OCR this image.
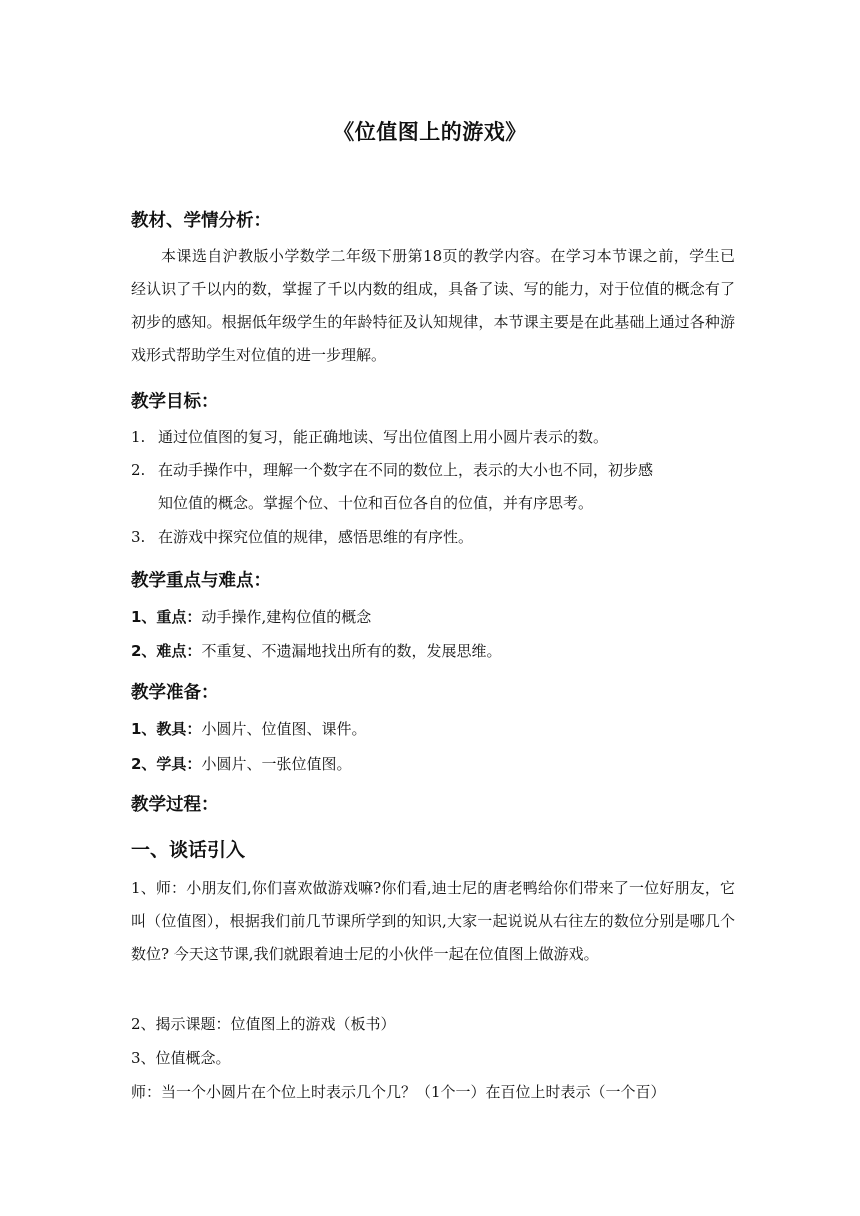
《位值图上的游戏》
教材、学情分析：
本课选自沪教版小学数学二年级下册第18页的教学内容。在学习本节课之前，学生已经认识了千以内的数，掌握了千以内数的组成，具备了读、写的能力，对于位值的概念有了初步的感知。根据低年级学生的年龄特征及认知规律，本节课主要是在此基础上通过各种游戏形式帮助学生对位值的进一步理解。
教学目标：
1. 通过位值图的复习，能正确地读、写出位值图上用小圆片表示的数。
2. 在动手操作中，理解一个数字在不同的数位上，表示的大小也不同，初步感
知位值的概念。掌握个位、十位和百位各自的位值，并有序思考。
3. 在游戏中探究位值的规律，感悟思维的有序性。
教学重点与难点：
1、重点：动手操作,建构位值的概念
2、难点：不重复、不遗漏地找出所有的数，发展思维。
教学准备：
1、教具：小圆片、位值图、课件。
2、学具：小圆片、一张位值图。
教学过程：
一、谈话引入
1、师：小朋友们,你们喜欢做游戏嘛?你们看,迪士尼的唐老鸭给你们带来了一位好朋友，它叫（位值图），根据我们前几节课所学到的知识,大家一起说说从右往左的数位分别是哪几个数位? 今天这节课,我们就跟着迪士尼的小伙伴一起在位值图上做游戏。
2、揭示课题：位值图上的游戏（板书）
3、位值概念。
师：当一个小圆片在个位上时表示几个几？（1个一）在百位上时表示（一个百）
